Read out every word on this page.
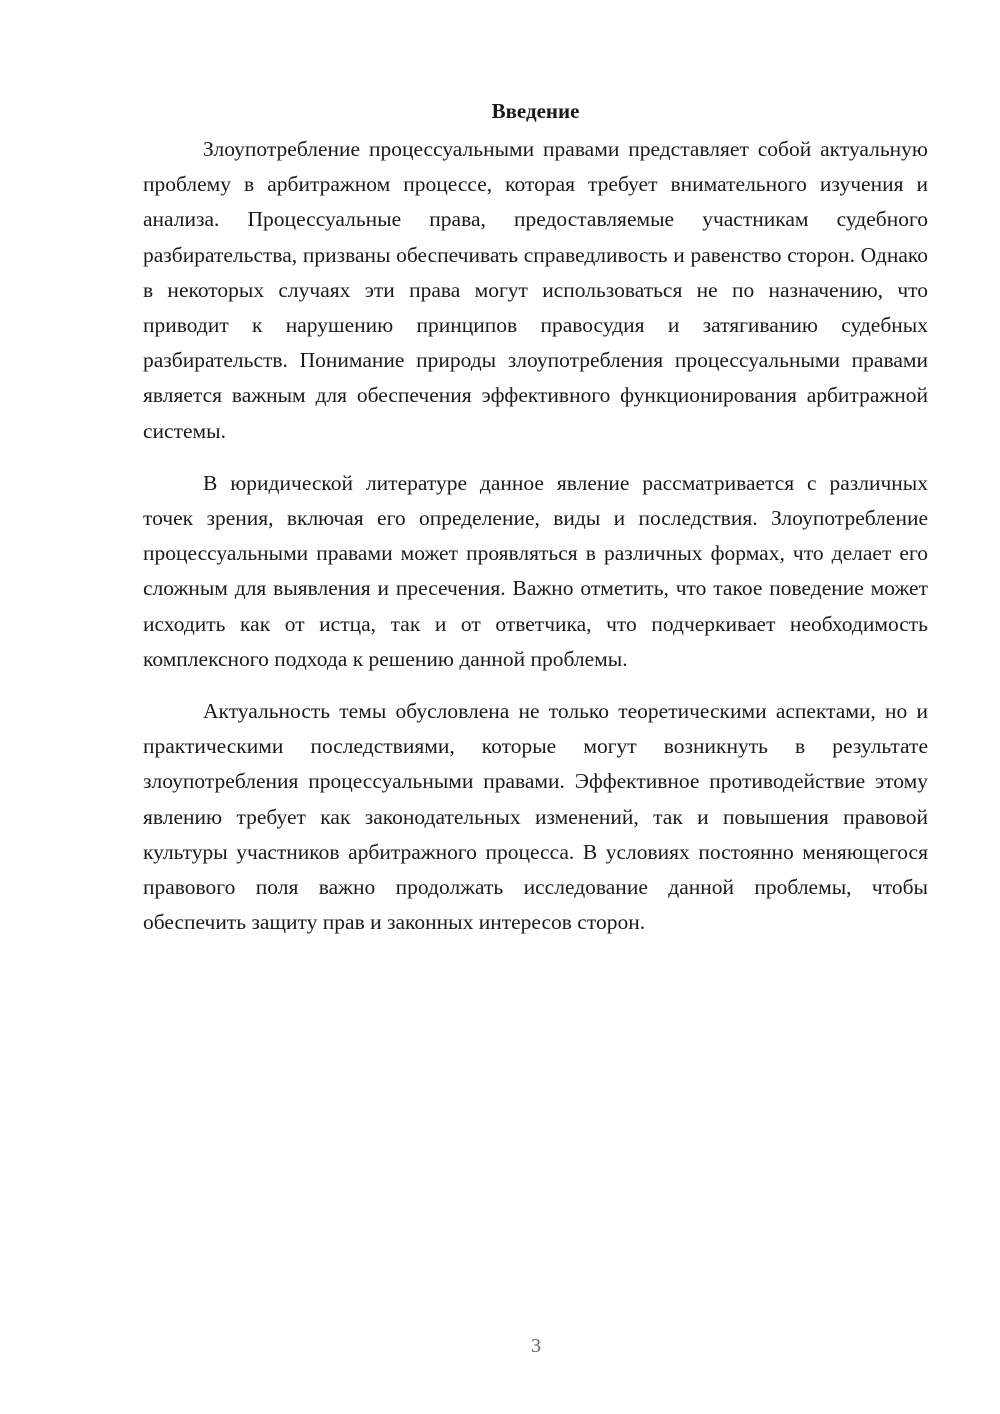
Введение

Злоупотребление процессуальными правами представляет собой актуальную проблему в арбитражном процессе, которая требует внимательного изучения и анализа. Процессуальные права, предоставляемые участникам судебного разбирательства, призваны обеспечивать справедливость и равенство сторон. Однако в некоторых случаях эти права могут использоваться не по назначению, что приводит к нарушению принципов правосудия и затягиванию судебных разбирательств. Понимание природы злоупотребления процессуальными правами является важным для обеспечения эффективного функционирования арбитражной системы.

В юридической литературе данное явление рассматривается с различных точек зрения, включая его определение, виды и последствия. Злоупотребление процессуальными правами может проявляться в различных формах, что делает его сложным для выявления и пресечения. Важно отметить, что такое поведение может исходить как от истца, так и от ответчика, что подчеркивает необходимость комплексного подхода к решению данной проблемы.

Актуальность темы обусловлена не только теоретическими аспектами, но и практическими последствиями, которые могут возникнуть в результате злоупотребления процессуальными правами. Эффективное противодействие этому явлению требует как законодательных изменений, так и повышения правовой культуры участников арбитражного процесса. В условиях постоянно меняющегося правового поля важно продолжать исследование данной проблемы, чтобы обеспечить защиту прав и законных интересов сторон.

3
